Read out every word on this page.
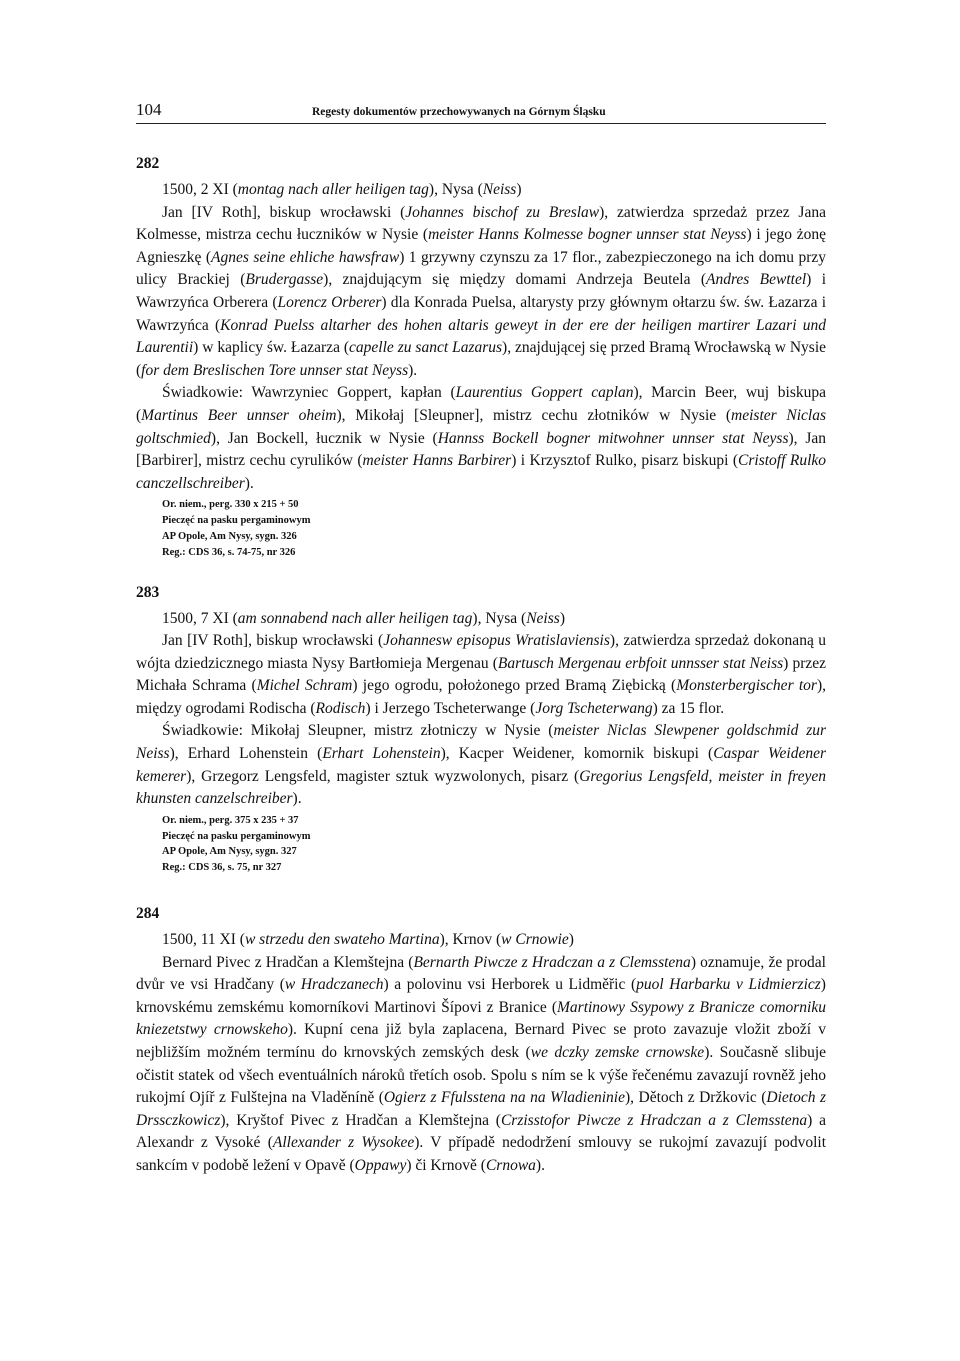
104	Regesty dokumentów przechowywanych na Górnym Śląsku
282

1500, 2 XI (montag nach aller heiligen tag), Nysa (Neiss)

Jan [IV Roth], biskup wrocławski (Johannes bischof zu Breslaw), zatwierdza sprzedaż przez Jana Kolmesse, mistrza cechu łuczników w Nysie (meister Hanns Kolmesse bogner unnser stat Neyss) i jego żonę Agnieszkę (Agnes seine ehliche hawsfraw) 1 grzywny czynszu za 17 flor., zabezpieczonego na ich domu przy ulicy Brackiej (Brudergasse), znajdującym się między domami Andrzeja Beutela (Andres Bewttel) i Wawrzyńca Orberera (Lorencz Orberer) dla Konrada Puelsa, altarysty przy głównym ołtarzu św. św. Łazarza i Wawrzyńca (Konrad Puelss altarher des hohen altaris geweyt in der ere der heiligen martirer Lazari und Laurentii) w kaplicy św. Łazarza (capelle zu sanct Lazarus), znajdującej się przed Bramą Wrocławską w Nysie (for dem Breslischen Tore unnser stat Neyss).

Świadkowie: Wawrzyniec Goppert, kapłan (Laurentius Goppert caplan), Marcin Beer, wuj biskupa (Martinus Beer unnser oheim), Mikołaj [Sleupner], mistrz cechu złotników w Nysie (meister Niclas goltschmied), Jan Bockell, łucznik w Nysie (Hannss Bockell bogner mitwohner unnser stat Neyss), Jan [Barbirer], mistrz cechu cyrulików (meister Hanns Barbirer) i Krzysztof Rulko, pisarz biskupi (Cristoff Rulko canczellschreiber).

Or. niem., perg. 330 x 215 + 50
Pieczęć na pasku pergaminowym
AP Opole, Am Nysy, sygn. 326
Reg.: CDS 36, s. 74-75, nr 326
283

1500, 7 XI (am sonnabend nach aller heiligen tag), Nysa (Neiss)

Jan [IV Roth], biskup wrocławski (Johannesw episopus Wratislaviensis), zatwierdza sprzedaż dokonaną u wójta dziedzicznego miasta Nysy Bartłomieja Mergenau (Bartusch Mergenau erbfoit unnsser stat Neiss) przez Michała Schrama (Michel Schram) jego ogrodu, położonego przed Bramą Ziębicką (Monsterbergischer tor), między ogrodami Rodischa (Rodisch) i Jerzego Tscheterwange (Jorg Tscheterwang) za 15 flor.

Świadkowie: Mikołaj Sleupner, mistrz złotniczy w Nysie (meister Niclas Slewpener goldschmid zur Neiss), Erhard Lohenstein (Erhart Lohenstein), Kacper Weidener, komornik biskupi (Caspar Weidener kemerer), Grzegorz Lengsfeld, magister sztuk wyzwolonych, pisarz (Gregorius Lengsfeld, meister in freyen khunsten canzelschreiber).

Or. niem., perg. 375 x 235 + 37
Pieczęć na pasku pergaminowym
AP Opole, Am Nysy, sygn. 327
Reg.: CDS 36, s. 75, nr 327
284

1500, 11 XI (w strzedu den swateho Martina), Krnov (w Crnowie)

Bernard Pivec z Hradčan a Klemštejna (Bernarth Piwcze z Hradczan a z Clemsstena) oznamuje, že prodal dvůr ve vsi Hradčany (w Hradczanech) a polovinu vsi Herborek u Lidměřic (puol Harbarku v Lidmierzicz) krnovskému zemskému komorníkovi Martinovi Šípovi z Branice (Martinowy Ssypowy z Branicze comorniku kniezetstwy crnowskeho). Kupní cena již byla zaplacena, Bernard Pivec se proto zavazuje vložit zboží v nejbližším možném termínu do krnovských zemských desk (we dczky zemske crnowske). Současně slibuje očistit statek od všech eventuálních nároků třetích osob. Spolu s ním se k výše řečenému zavazují rovněž jeho rukojmí Ojíř z Fulštejna na Vladěníně (Ogierz z Ffulsstena na na Wladieninie), Dětoch z Držkovic (Dietoch z Drssczkowicz), Kryštof Pivec z Hradčan a Klemštejna (Crzisstofor Piwcze z Hradczan a z Clemsstena) a Alexandr z Vysoké (Allexander z Wysokee). V případě nedodržení smlouvy se rukojmí zavazují podvolit sankcím v podobě ležení v Opavě (Oppawy) či Krnově (Crnowa).
